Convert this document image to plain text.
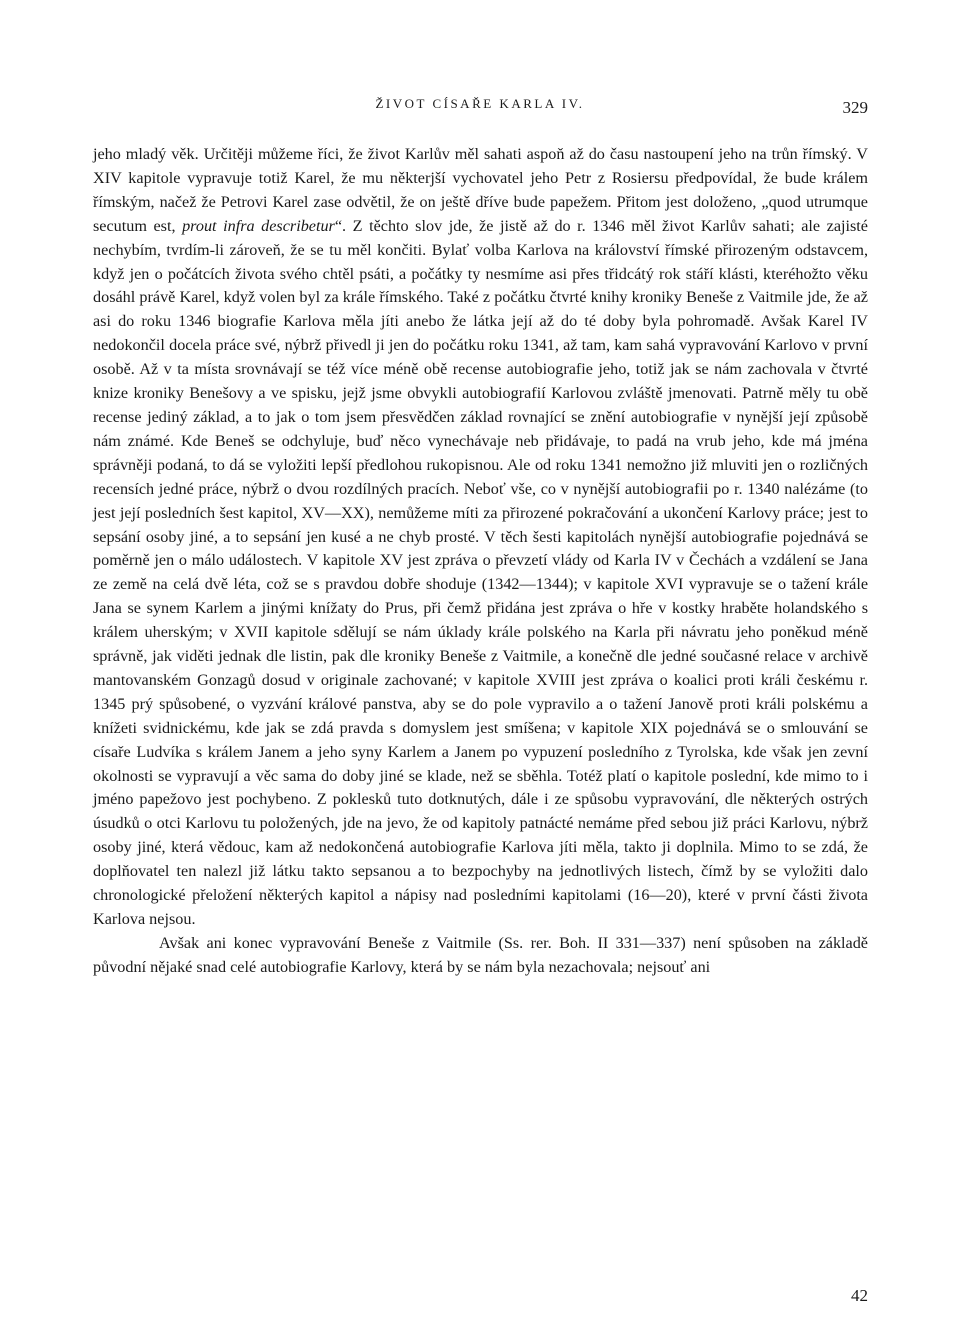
ŽIVOT CÍSAŘE KARLA IV.	329

jeho mladý věk. Určitěji můžeme říci, že život Karlův měl sahati aspoň až do času nastoupení jeho na trůn římský. V XIV kapitole vypravuje totiž Karel, že mu některjší vychovatel jeho Petr z Rosiersu předpovídal, že bude králem římským, načež že Petrovi Karel zase odvětil, že on ještě dříve bude papežem. Přitom jest doloženo, „quod utrumque secutum est, prout infra describetur“. Z těchto slov jde, že jistě až do r. 1346 měl život Karlův sahati; ale zajisté nechybím, tvrdím-li zároveň, že se tu měl končiti. Bylať volba Karlova na království římské přirozeným odstavcem, když jen o počátcích života svého chtěl psáti, a počátky ty nesmíme asi přes třidcátý rok stáří klásti, kteréhožto věku dosáhl právě Karel, když volen byl za krále římského. Také z počátku čtvrté knihy kroniky Beneše z Vaitmile jde, že až asi do roku 1346 biografie Karlova měla jíti anebo že látka její až do té doby byla pohromadě. Avšak Karel IV nedokončil docela práce své, nýbrž přivedl ji jen do počátku roku 1341, až tam, kam sahá vypravování Karlovo v první osobě. Až v ta místa srovnávají se též více méně obě recense autobiografie jeho, totiž jak se nám zachovala v čtvrté knize kroniky Benešovy a ve spisku, jejž jsme obvykli autobiografií Karlovou zvláště jmenovati. Patrně měly tu obě recense jediný základ, a to jak o tom jsem přesvědčen základ rovnající se znění autobiografie v nynější její způsobě nám známé. Kde Beneš se odchyluje, buď něco vynechávaje neb přidávaje, to padá na vrub jeho, kde má jména správněji podaná, to dá se vyložiti lepší předlohou rukopisnou. Ale od roku 1341 nemožno již mluviti jen o rozličných recensích jedné práce, nýbrž o dvou rozdílných pracích. Neboť vše, co v nynější autobiografii po r. 1340 nalézáme (to jest její posledních šest kapitol, XV—XX), nemůžeme míti za přirozené pokračování a ukončení Karlovy práce; jest to sepsání osoby jiné, a to sepsání jen kusé a ne chyb prosté. V těch šesti kapitolách nynější autobiografie pojednává se poměrně jen o málo událostech. V kapitole XV jest zpráva o převzetí vlády od Karla IV v Čechách a vzdálení se Jana ze země na celá dvě léta, což se s pravdou dobře shoduje (1342—1344); v kapitole XVI vypravuje se o tažení krále Jana se synem Karlem a jinými knížaty do Prus, při čemž přidána jest zpráva o hře v kostky hraběte holandského s králem uherským; v XVII kapitole sdělují se nám úklady krále polského na Karla při návratu jeho poněkud méně správně, jak viděti jednak dle listin, pak dle kroniky Beneše z Vaitmile, a konečně dle jedné současné relace v archivě mantovanském Gonzagů dosud v originale zachované; v kapitole XVIII jest zpráva o koalici proti králi českému r. 1345 prý spůsobené, o vyzvání králové panstva, aby se do pole vypravilo a o tažení Janově proti králi polskému a knížeti svidnickému, kde jak se zdá pravda s domyslem jest smíšena; v kapitole XIX pojednává se o smlouvání se císaře Ludvíka s králem Janem a jeho syny Karlem a Janem po vypuzení posledního z Tyrolska, kde však jen zevní okolnosti se vypravují a věc sama do doby jiné se klade, než se sběhla. Totéž platí o kapitole poslední, kde mimo to i jméno papežovo jest pochybeno. Z poklesků tuto dotknutých, dále i ze spůsobu vypravování, dle některých ostrých úsudků o otci Karlovu tu položených, jde na jevo, že od kapitoly patnácté nemáme před sebou již práci Karlovu, nýbrž osoby jiné, která vědouc, kam až nedokončená autobiografie Karlova jíti měla, takto ji doplnila. Mimo to se zdá, že doplňovatel ten nalezl již látku takto sepsanou a to bezpochyby na jednotlivých listech, čímž by se vyložiti dalo chronologické přeložení některých kapitol a nápisy nad posledními kapitolami (16—20), které v první části života Karlova nejsou.

Avšak ani konec vypravování Beneše z Vaitmile (Ss. rer. Boh. II 331—337) není spůsoben na základě původní nějaké snad celé autobiografie Karlovy, která by se nám byla nezachovala; nejsouť ani

42
